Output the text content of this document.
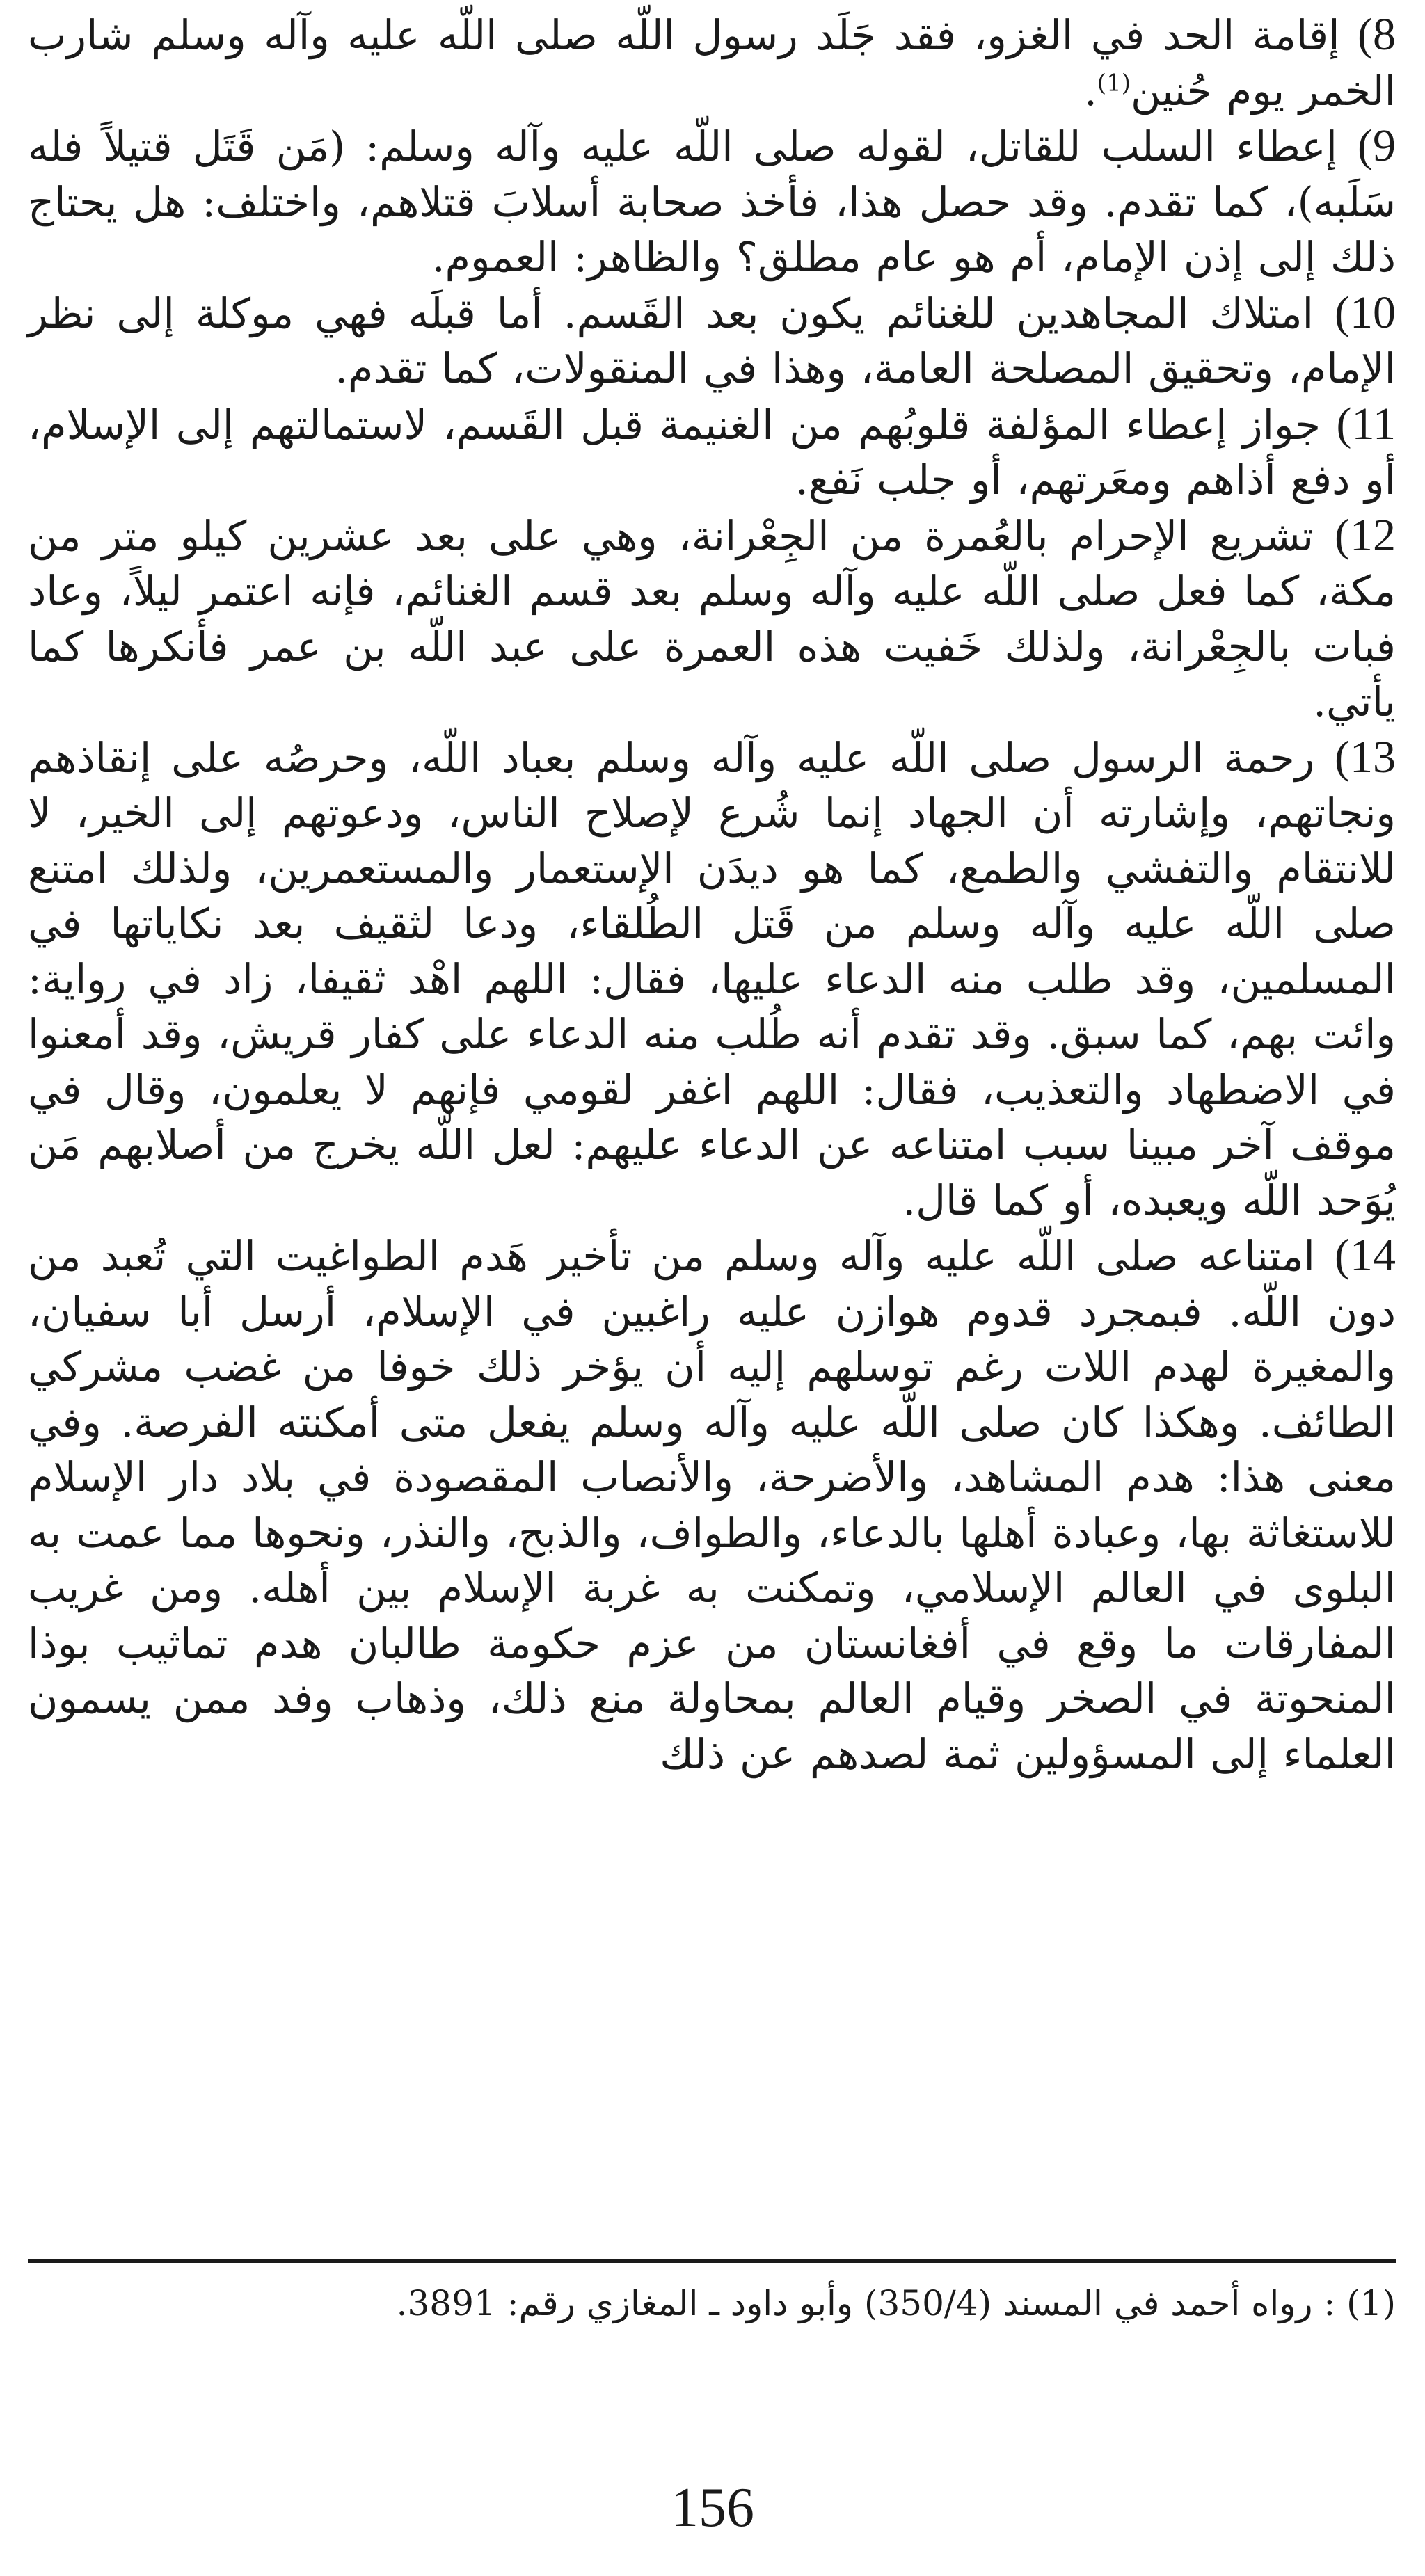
8) إقامة الحد في الغزو، فقد جَلَد رسول اللّه صلى اللّه عليه وآله وسلم شارب الخمر يوم حُنين$^{(1)}$.

9) إعطاء السلب للقاتل، لقوله صلى اللّه عليه وآله وسلم: (مَن قَتَل قتيلاً فله سَلَبه)، كما تقدم. وقد حصل هذا، فأخذ صحابة أسلابَ قتلاهم، واختلف: هل يحتاج ذلك إلى إذن الإمام، أم هو عام مطلق؟ والظاهر: العموم.

10) امتلاك المجاهدين للغنائم يكون بعد القَسم. أما قبلَه فهي موكلة إلى نظر الإمام، وتحقيق المصلحة العامة، وهذا في المنقولات، كما تقدم.

11) جواز إعطاء المؤلفة قلوبُهم من الغنيمة قبل القَسم، لاستمالتهم إلى الإسلام، أو دفع أذاهم ومعَرتهم، أو جلب نَفع.

12) تشريع الإحرام بالعُمرة من الجِعْرانة، وهي على بعد عشرين كيلو متر من مكة، كما فعل صلى اللّه عليه وآله وسلم بعد قسم الغنائم، فإنه اعتمر ليلاً، وعاد فبات بالجِعْرانة، ولذلك خَفيت هذه العمرة على عبد اللّه بن عمر فأنكرها كما يأتي.

13) رحمة الرسول صلى اللّه عليه وآله وسلم بعباد اللّه، وحرصُه على إنقاذهم ونجاتهم، وإشارته أن الجهاد إنما شُرع لإصلاح الناس، ودعوتهم إلى الخير، لا للانتقام والتفشي والطمع، كما هو ديدَن الإستعمار والمستعمرين، ولذلك امتنع صلى اللّه عليه وآله وسلم من قَتل الطُلقاء، ودعا لثقيف بعد نكاياتها في المسلمين، وقد طلب منه الدعاء عليها، فقال: اللهم اهْد ثقيفا، زاد في رواية: وائت بهم، كما سبق. وقد تقدم أنه طُلب منه الدعاء على كفار قريش، وقد أمعنوا في الاضطهاد والتعذيب، فقال: اللهم اغفر لقومي فإنهم لا يعلمون، وقال في موقف آخر مبينا سبب امتناعه عن الدعاء عليهم: لعل اللّه يخرج من أصلابهم مَن يُوَحد اللّه ويعبده، أو كما قال.

14) امتناعه صلى اللّه عليه وآله وسلم من تأخير هَدم الطواغيت التي تُعبد من دون اللّه. فبمجرد قدوم هوازن عليه راغبين في الإسلام، أرسل أبا سفيان، والمغيرة لهدم اللات رغم توسلهم إليه أن يؤخر ذلك خوفا من غضب مشركي الطائف. وهكذا كان صلى اللّه عليه وآله وسلم يفعل متى أمكنته الفرصة. وفي معنى هذا: هدم المشاهد، والأضرحة، والأنصاب المقصودة في بلاد دار الإسلام للاستغاثة بها، وعبادة أهلها بالدعاء، والطواف، والذبح، والنذر، ونحوها مما عمت به البلوى في العالم الإسلامي، وتمكنت به غربة الإسلام بين أهله. ومن غريب المفارقات ما وقع في أفغانستان من عزم حكومة طالبان هدم تماثيب بوذا المنحوتة في الصخر وقيام العالم بمحاولة منع ذلك، وذهاب وفد ممن يسمون العلماء إلى المسؤولين ثمة لصدهم عن ذلك

(1) : رواه أحمد في المسند (350/4) وأبو داود ـ المغازي رقم: 3891.

156
